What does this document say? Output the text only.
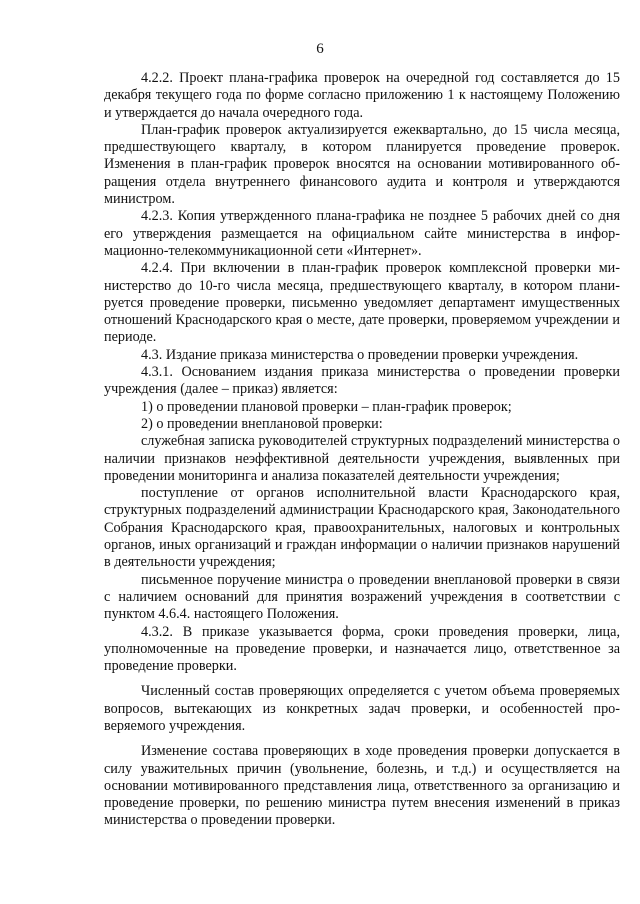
6

4.2.2. Проект плана-графика проверок на очередной год составляется до 15 декабря текущего года по форме согласно приложению 1 к настоящему Положению и утверждается до начала очередного года.

План-график проверок актуализируется ежеквартально, до 15 числа месяца, предшествующего кварталу, в котором планируется проведение проверок. Изменения в план-график проверок вносятся на основании мотивированного обращения отдела внутреннего финансового аудита и контроля и утверждаются министром.

4.2.3. Копия утвержденного плана-графика не позднее 5 рабочих дней со дня его утверждения размещается на официальном сайте министерства в информационно-телекоммуникационной сети «Интернет».

4.2.4. При включении в план-график проверок комплексной проверки министерство до 10-го числа месяца, предшествующего кварталу, в котором планируется проведение проверки, письменно уведомляет департамент имущественных отношений Краснодарского края о месте, дате проверки, проверяемом учреждении и периоде.

4.3. Издание приказа министерства о проведении проверки учреждения.

4.3.1. Основанием издания приказа министерства о проведении проверки учреждения (далее – приказ) является:

1) о проведении плановой проверки – план-график проверок;

2) о проведении внеплановой проверки:

служебная записка руководителей структурных подразделений министерства о наличии признаков неэффективной деятельности учреждения, выявленных при проведении мониторинга и анализа показателей деятельности учреждения;

поступление от органов исполнительной власти Краснодарского края, структурных подразделений администрации Краснодарского края, Законодательного Собрания Краснодарского края, правоохранительных, налоговых и контрольных органов, иных организаций и граждан информации о наличии признаков нарушений в деятельности учреждения;

письменное поручение министра о проведении внеплановой проверки в связи с наличием оснований для принятия возражений учреждения в соответствии с пунктом 4.6.4. настоящего Положения.

4.3.2. В приказе указывается форма, сроки проведения проверки, лица, уполномоченные на проведение проверки, и назначается лицо, ответственное за проведение проверки.

Численный состав проверяющих определяется с учетом объема проверяемых вопросов, вытекающих из конкретных задач проверки, и особенностей проверяемого учреждения.

Изменение состава проверяющих в ходе проведения проверки допускается в силу уважительных причин (увольнение, болезнь, и т.д.) и осуществляется на основании мотивированного представления лица, ответственного за организацию и проведение проверки, по решению министра путем внесения изменений в приказ министерства о проведении проверки.
